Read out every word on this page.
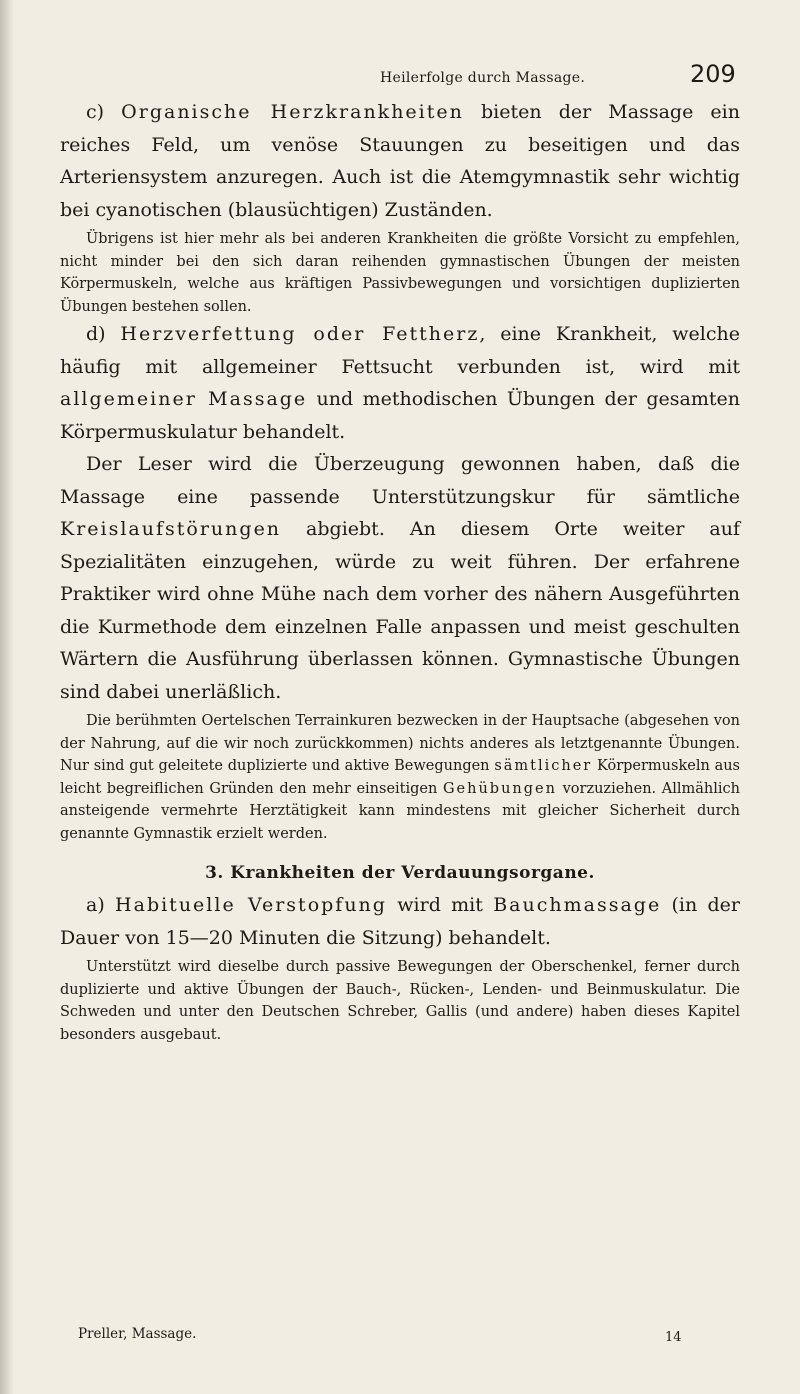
Heilerfolge durch Massage.	209

c) Organische Herzkrankheiten bieten der Massage ein reiches Feld, um venöse Stauungen zu beseitigen und das Arteriensystem anzuregen. Auch ist die Atemgymnastik sehr wichtig bei cyanotischen (blausüchtigen) Zuständen.

Übrigens ist hier mehr als bei anderen Krankheiten die größte Vorsicht zu empfehlen, nicht minder bei den sich daran reihenden gymnastischen Übungen der meisten Körpermuskeln, welche aus kräftigen Passivbewegungen und vorsichtigen duplizierten Übungen bestehen sollen.

d) Herzverfettung oder Fettherz, eine Krankheit, welche häufig mit allgemeiner Fettsucht verbunden ist, wird mit allgemeiner Massage und methodischen Übungen der gesamten Körpermuskulatur behandelt.

Der Leser wird die Überzeugung gewonnen haben, daß die Massage eine passende Unterstützungskur für sämtliche Kreislaufstörungen abgiebt. An diesem Orte weiter auf Spezialitäten einzugehen, würde zu weit führen. Der erfahrene Praktiker wird ohne Mühe nach dem vorher des nähern Ausgeführten die Kurmethode dem einzelnen Falle anpassen und meist geschulten Wärtern die Ausführung überlassen können. Gymnastische Übungen sind dabei unerläßlich.

Die berühmten Oertelschen Terrainkuren bezwecken in der Hauptsache (abgesehen von der Nahrung, auf die wir noch zurückkommen) nichts anderes als letztgenannte Übungen. Nur sind gut geleitete duplizierte und aktive Bewegungen sämtlicher Körpermuskeln aus leicht begreiflichen Gründen den mehr einseitigen Gehübungen vorzuziehen. Allmählich ansteigende vermehrte Herztätigkeit kann mindestens mit gleicher Sicherheit durch genannte Gymnastik erzielt werden.

3. Krankheiten der Verdauungsorgane.

a) Habituelle Verstopfung wird mit Bauchmassage (in der Dauer von 15—20 Minuten die Sitzung) behandelt.

Unterstützt wird dieselbe durch passive Bewegungen der Oberschenkel, ferner durch duplizierte und aktive Übungen der Bauch-, Rücken-, Lenden- und Beinmuskulatur. Die Schweden und unter den Deutschen Schreber, Gallis (und andere) haben dieses Kapitel besonders ausgebaut.

Preller, Massage.	14
